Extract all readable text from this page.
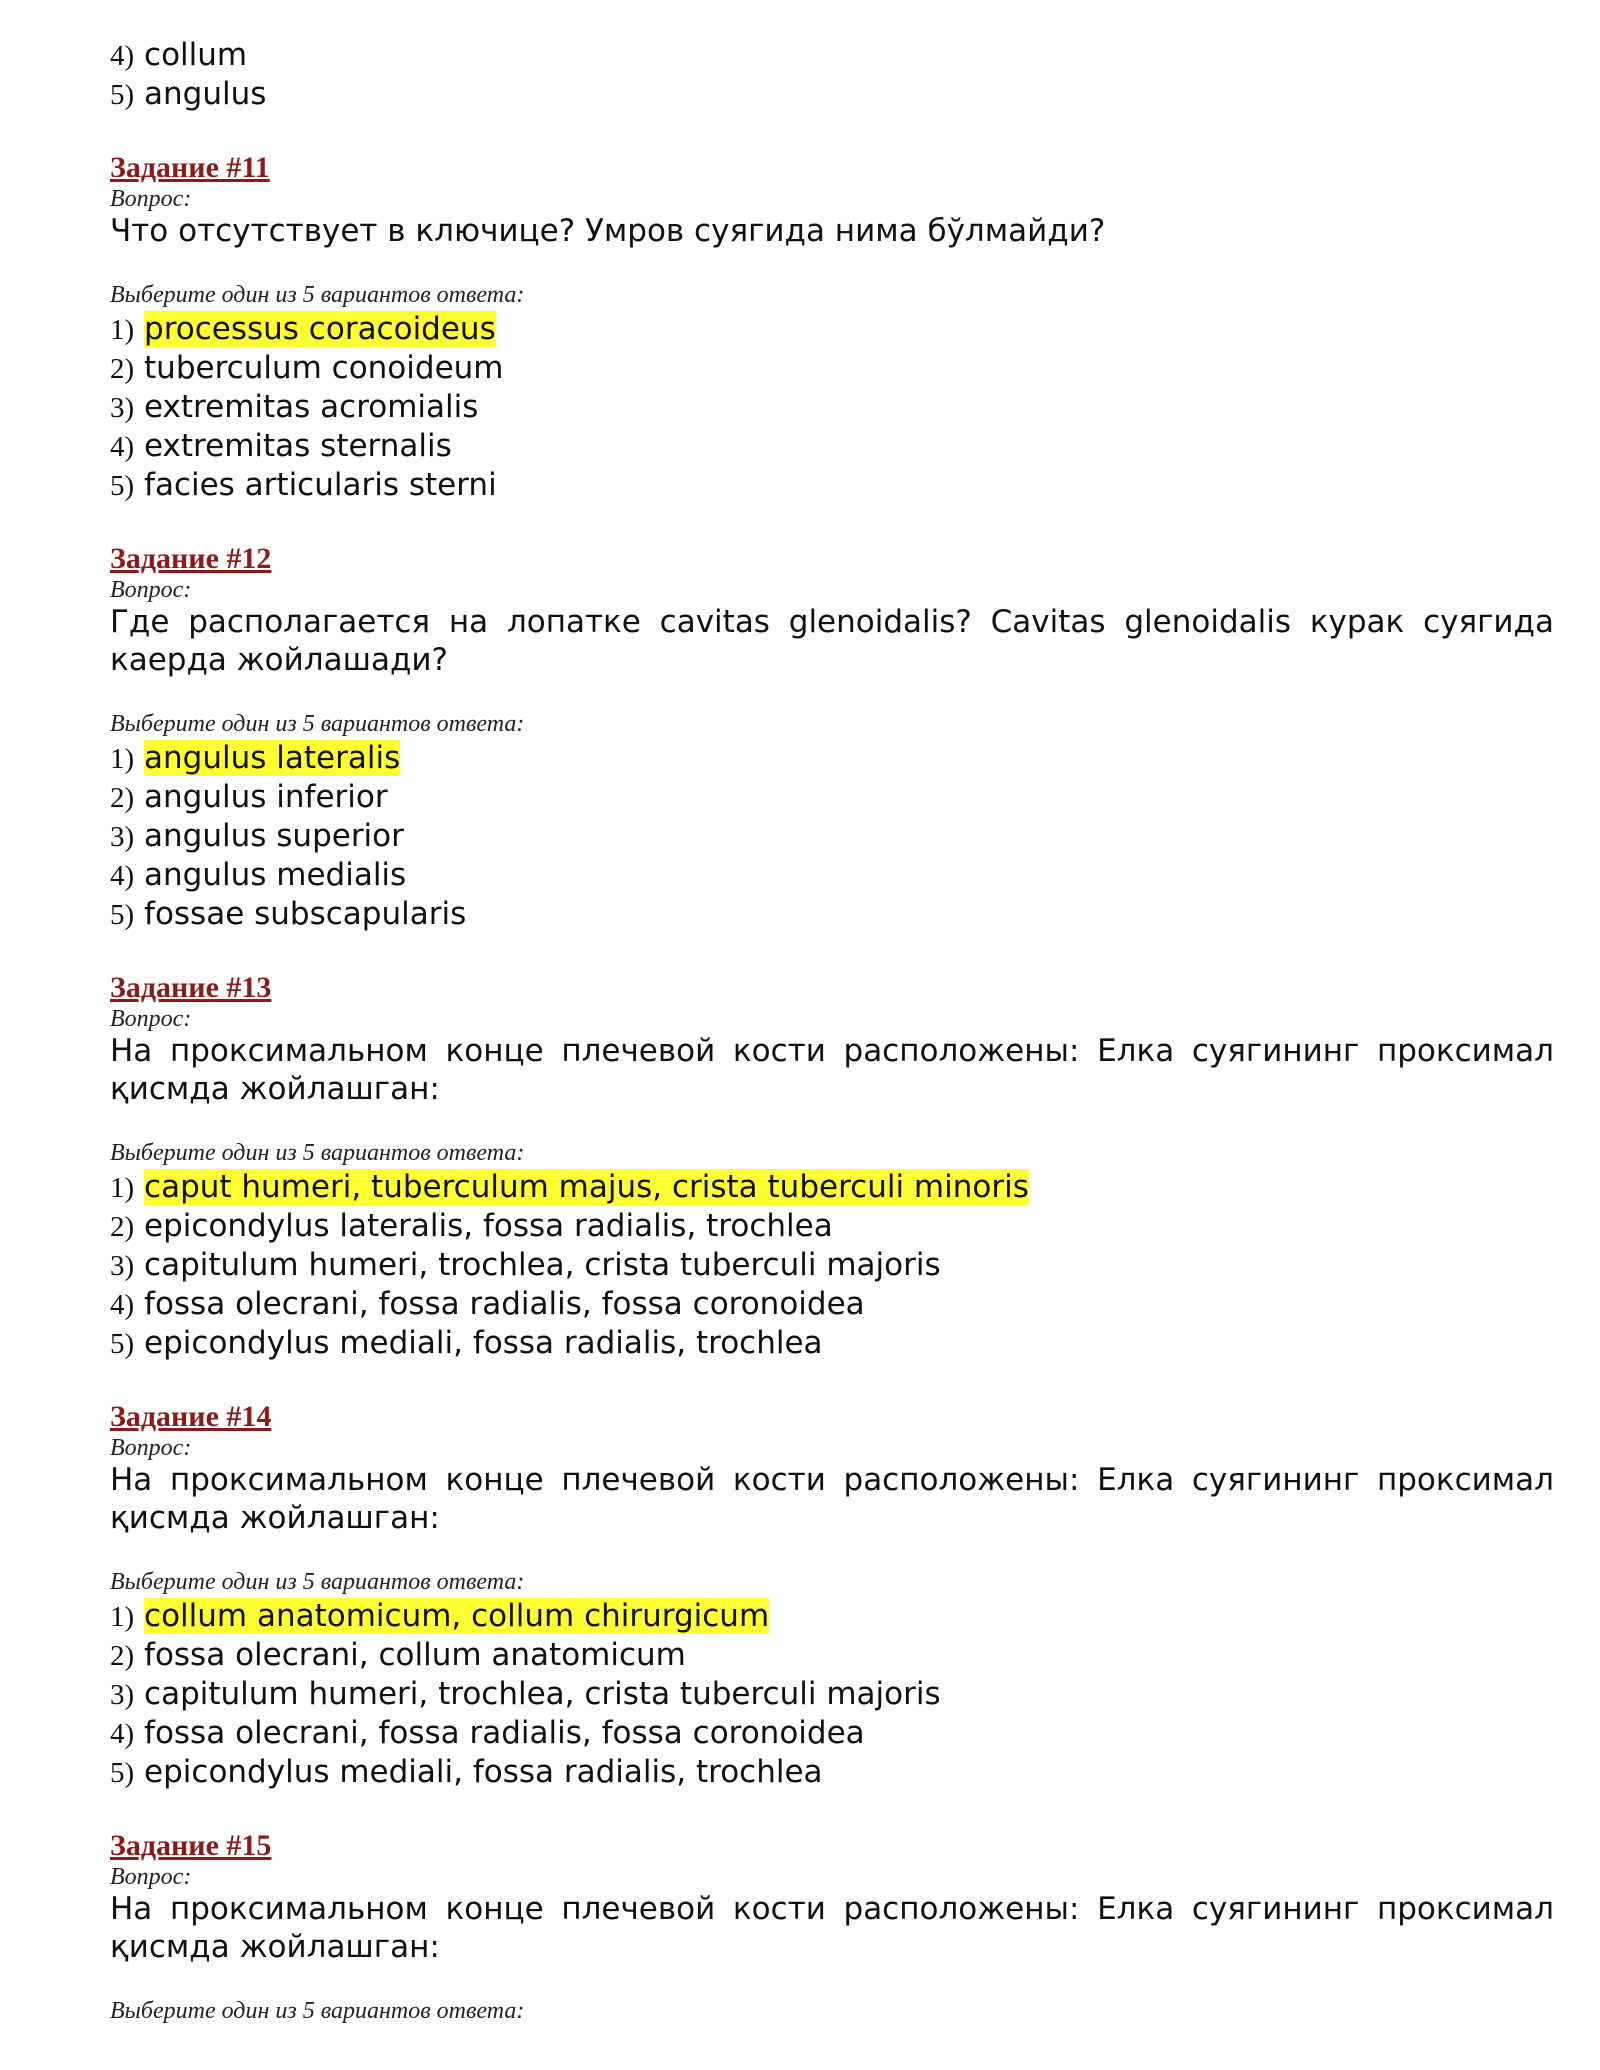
4) collum
5) angulus
Задание #11
Вопрос:
Что отсутствует в ключице? Умров суягида нима бўлмайди?
Выберите один из 5 вариантов ответа:
1) processus coracoideus
2) tuberculum conoideum
3) extremitas acromialis
4) extremitas sternalis
5) facies articularis sterni
Задание #12
Вопрос:
Где располагается на лопатке cavitas glenoidalis? Cavitas glenoidalis курак суягида каерда жойлашади?
Выберите один из 5 вариантов ответа:
1) angulus lateralis
2) angulus inferior
3) angulus superior
4) angulus medialis
5) fossae subscapularis
Задание #13
Вопрос:
На проксимальном конце плечевой кости расположены: Елка суягининг проксимал қисмда жойлашган:
Выберите один из 5 вариантов ответа:
1) caput humeri, tuberculum majus, crista tuberculi minoris
2) epicondylus lateralis, fossa radialis, trochlea
3) capitulum humeri, trochlea, crista tuberculi majoris
4) fossa olecrani, fossa radialis, fossa coronoidea
5) epicondylus mediali, fossa radialis, trochlea
Задание #14
Вопрос:
На проксимальном конце плечевой кости расположены: Елка суягининг проксимал қисмда жойлашган:
Выберите один из 5 вариантов ответа:
1) collum anatomicum, collum chirurgicum
2) fossa olecrani, collum anatomicum
3) capitulum humeri, trochlea, crista tuberculi majoris
4) fossa olecrani, fossa radialis, fossa coronoidea
5) epicondylus mediali, fossa radialis, trochlea
Задание #15
Вопрос:
На проксимальном конце плечевой кости расположены: Елка суягининг проксимал қисмда жойлашган:
Выберите один из 5 вариантов ответа:
